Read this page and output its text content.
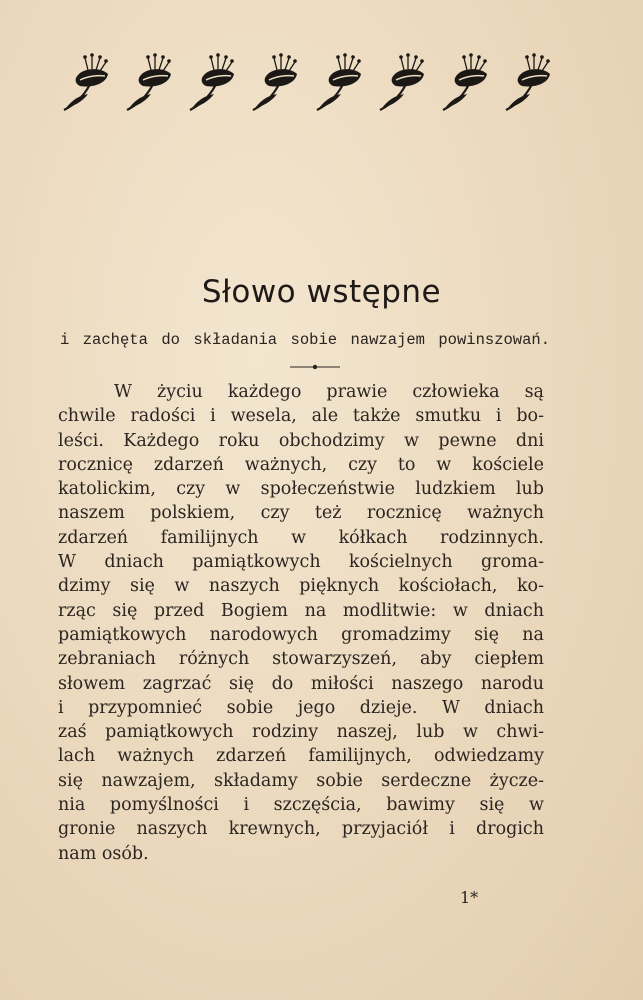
Słowo wstępne
i zachęta do składania sobie nawzajem powinszowań.
W życiu każdego prawie człowieka są
chwile radości i wesela, ale także smutku i bo-
leści. Każdego roku obchodzimy w pewne dni
rocznicę zdarzeń ważnych, czy to w kościele
katolickim, czy w społeczeństwie ludzkiem lub
naszem polskiem, czy też rocznicę ważnych
zdarzeń familijnych w kółkach rodzinnych.
W dniach pamiątkowych kościelnych groma-
dzimy się w naszych pięknych kościołach, ko-
rząc się przed Bogiem na modlitwie: w dniach
pamiątkowych narodowych gromadzimy się na
zebraniach różnych stowarzyszeń, aby ciepłem
słowem zagrzać się do miłości naszego narodu
i przypomnieć sobie jego dzieje. W dniach
zaś pamiątkowych rodziny naszej, lub w chwi-
lach ważnych zdarzeń familijnych, odwiedzamy
się nawzajem, składamy sobie serdeczne życze-
nia pomyślności i szczęścia, bawimy się w
gronie naszych krewnych, przyjaciół i drogich
nam osób.
1*
